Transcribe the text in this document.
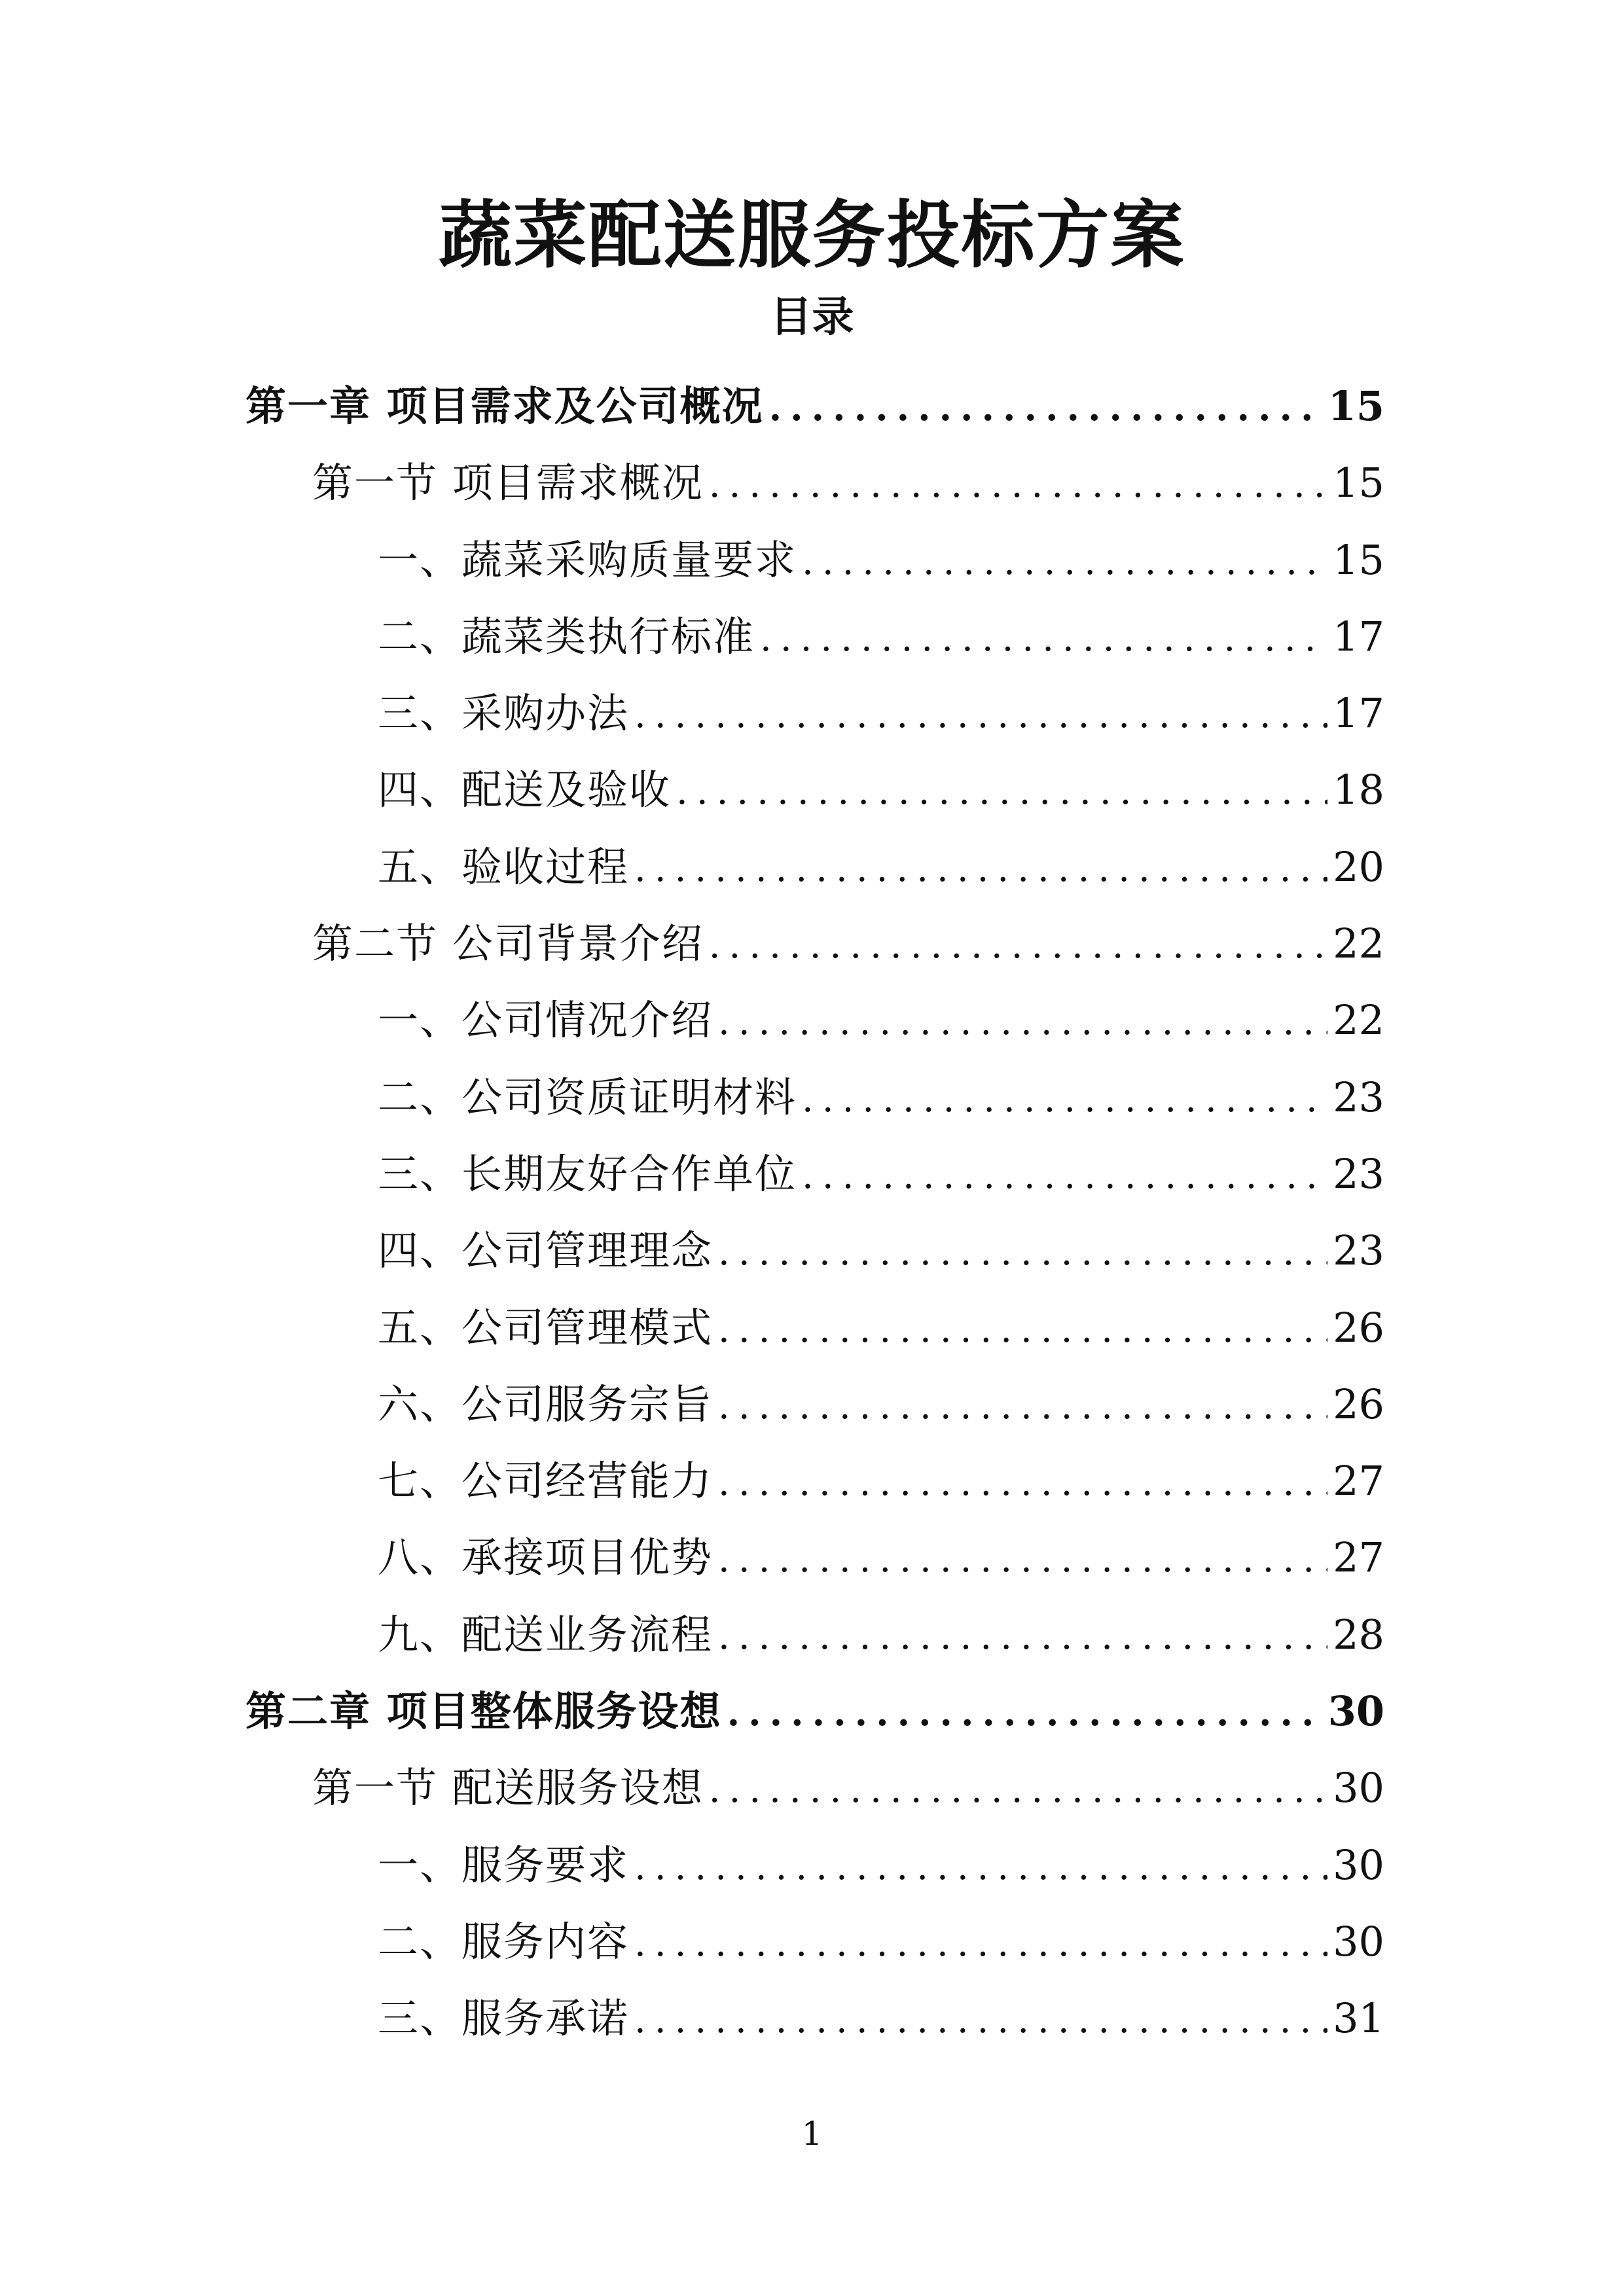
蔬菜配送服务投标方案
目录
第一章 项目需求及公司概况 .....	15
第一节 项目需求概况 .....	15
一、蔬菜采购质量要求 .....	15
二、蔬菜类执行标准 .....	17
三、采购办法 .....	17
四、配送及验收 .....	18
五、验收过程 .....	20
第二节 公司背景介绍 .....	22
一、公司情况介绍 .....	22
二、公司资质证明材料 .....	23
三、长期友好合作单位 .....	23
四、公司管理理念 .....	23
五、公司管理模式 .....	26
六、公司服务宗旨 .....	26
七、公司经营能力 .....	27
八、承接项目优势 .....	27
九、配送业务流程 .....	28
第二章 项目整体服务设想 .....	30
第一节 配送服务设想 .....	30
一、服务要求 .....	30
二、服务内容 .....	30
三、服务承诺 .....	31
1
